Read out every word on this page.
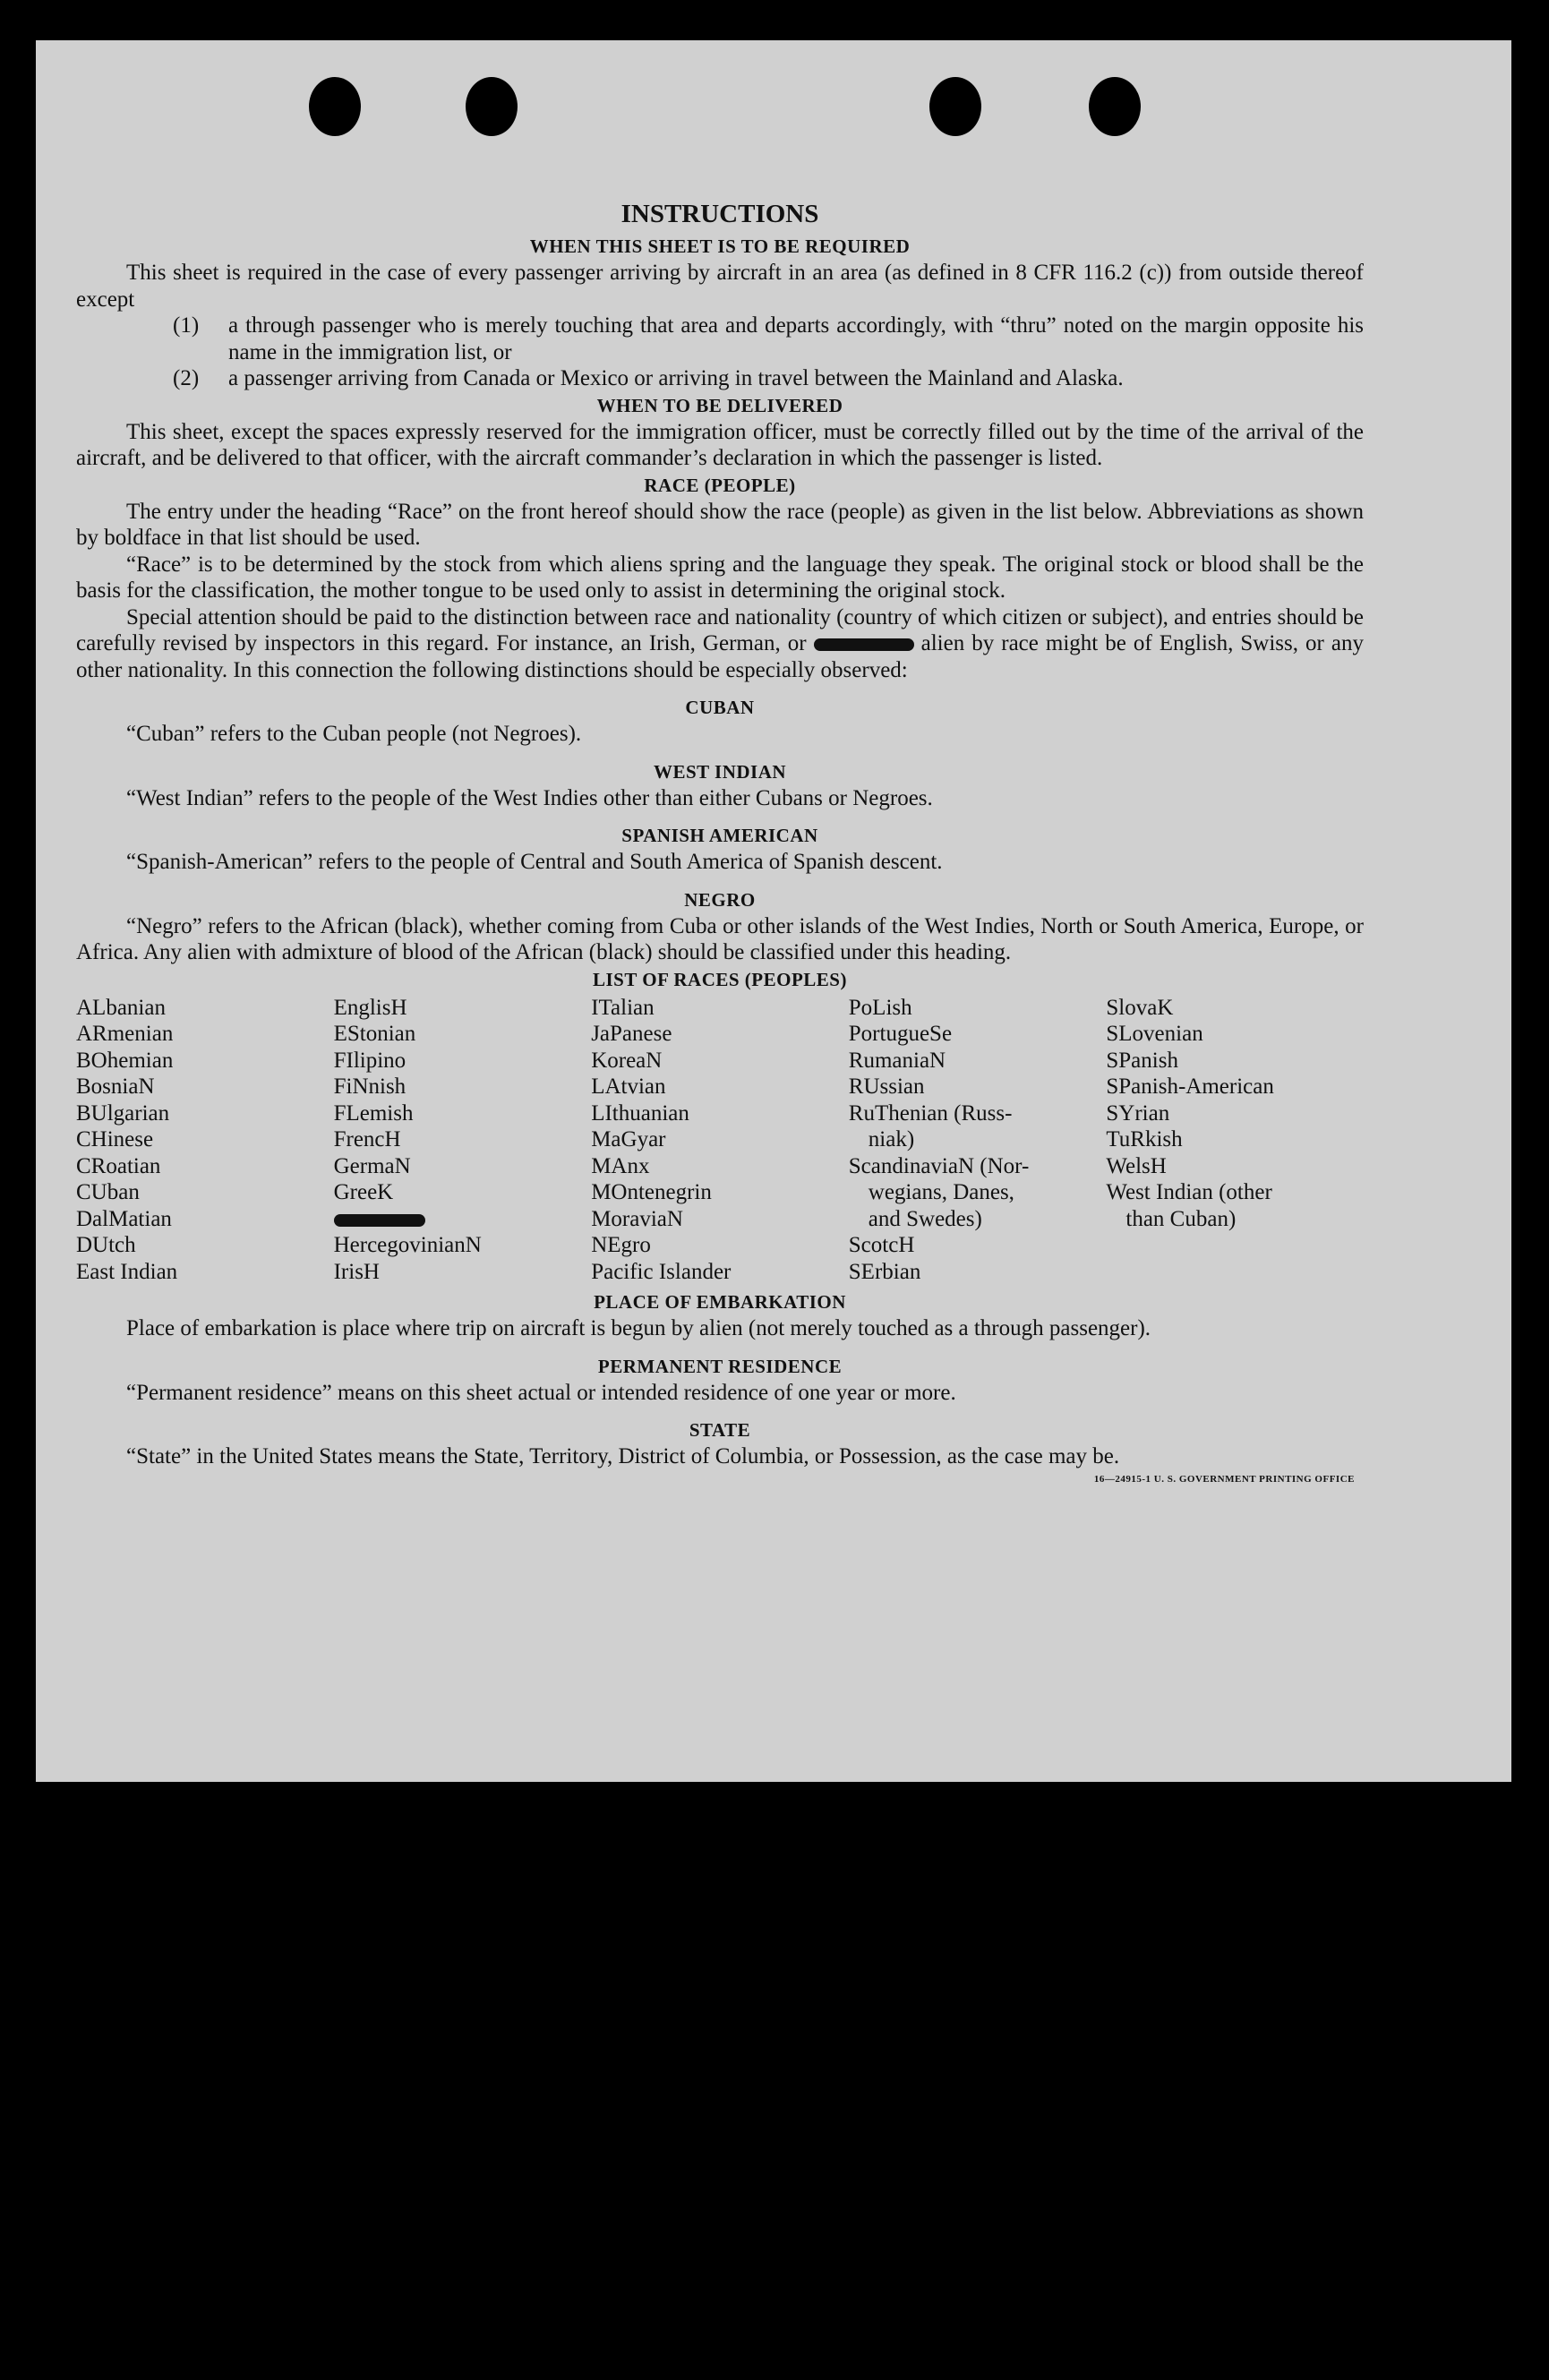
INSTRUCTIONS
WHEN THIS SHEET IS TO BE REQUIRED

This sheet is required in the case of every passenger arriving by aircraft in an area (as defined in 8 CFR 116.2 (c)) from outside thereof except

(1) a through passenger who is merely touching that area and departs accordingly, with “thru” noted on the margin opposite his name in the immigration list, or

(2) a passenger arriving from Canada or Mexico or arriving in travel between the Mainland and Alaska.

WHEN TO BE DELIVERED

This sheet, except the spaces expressly reserved for the immigration officer, must be correctly filled out by the time of the arrival of the aircraft, and be delivered to that officer, with the aircraft commander’s declaration in which the passenger is listed.

RACE (PEOPLE)

The entry under the heading “Race” on the front hereof should show the race (people) as given in the list below. Abbreviations as shown by boldface in that list should be used.

“Race” is to be determined by the stock from which aliens spring and the language they speak. The original stock or blood shall be the basis for the classification, the mother tongue to be used only to assist in determining the original stock.

Special attention should be paid to the distinction between race and nationality (country of which citizen or subject), and entries should be carefully revised by inspectors in this regard. For instance, an Irish, German, or	alien by race might be of English, Swiss, or any other nationality. In this connection the following distinctions should be especially observed:

CUBAN

“Cuban” refers to the Cuban people (not Negroes).

WEST INDIAN

“West Indian” refers to the people of the West Indies other than either Cubans or Negroes.

SPANISH AMERICAN

“Spanish-American” refers to the people of Central and South America of Spanish descent.

NEGRO

“Negro” refers to the African (black), whether coming from Cuba or other islands of the West Indies, North or South America, Europe, or Africa. Any alien with admixture of blood of the African (black) should be classified under this heading.

LIST OF RACES (PEOPLES)
ALbanian
ARmenian
BOhemian
BosniaN
BUlgarian
CHinese
CRoatian
CUban
DalMatian
DUtch
East Indian
EnglisH
EStonian
FIlipino
FiNnish
FLemish
FrencH
GermaN
GreeK
HercegovinianN
IrisH
ITalian
JaPanese
KoreaN
LAtvian
LIthuanian
MaGyar
MAnx
MOntenegrin
MoraviaN
NEgro
Pacific Islander
PoLish
PortugueSe
RumaniaN
RUssian
RuThenian (Russ-
niak)
ScandinaviaN (Nor-
wegians, Danes,
and Swedes)
ScotcH
SErbian
SlovaK
SLovenian
SPanish
SPanish-American
SYrian
TuRkish
WelsH
West Indian (other
than Cuban)
PLACE OF EMBARKATION

Place of embarkation is place where trip on aircraft is begun by alien (not merely touched as a through passenger).

PERMANENT RESIDENCE

“Permanent residence” means on this sheet actual or intended residence of one year or more.

STATE

“State” in the United States means the State, Territory, District of Columbia, or Possession, as the case may be.

16—24915-1 U. S. GOVERNMENT PRINTING OFFICE
